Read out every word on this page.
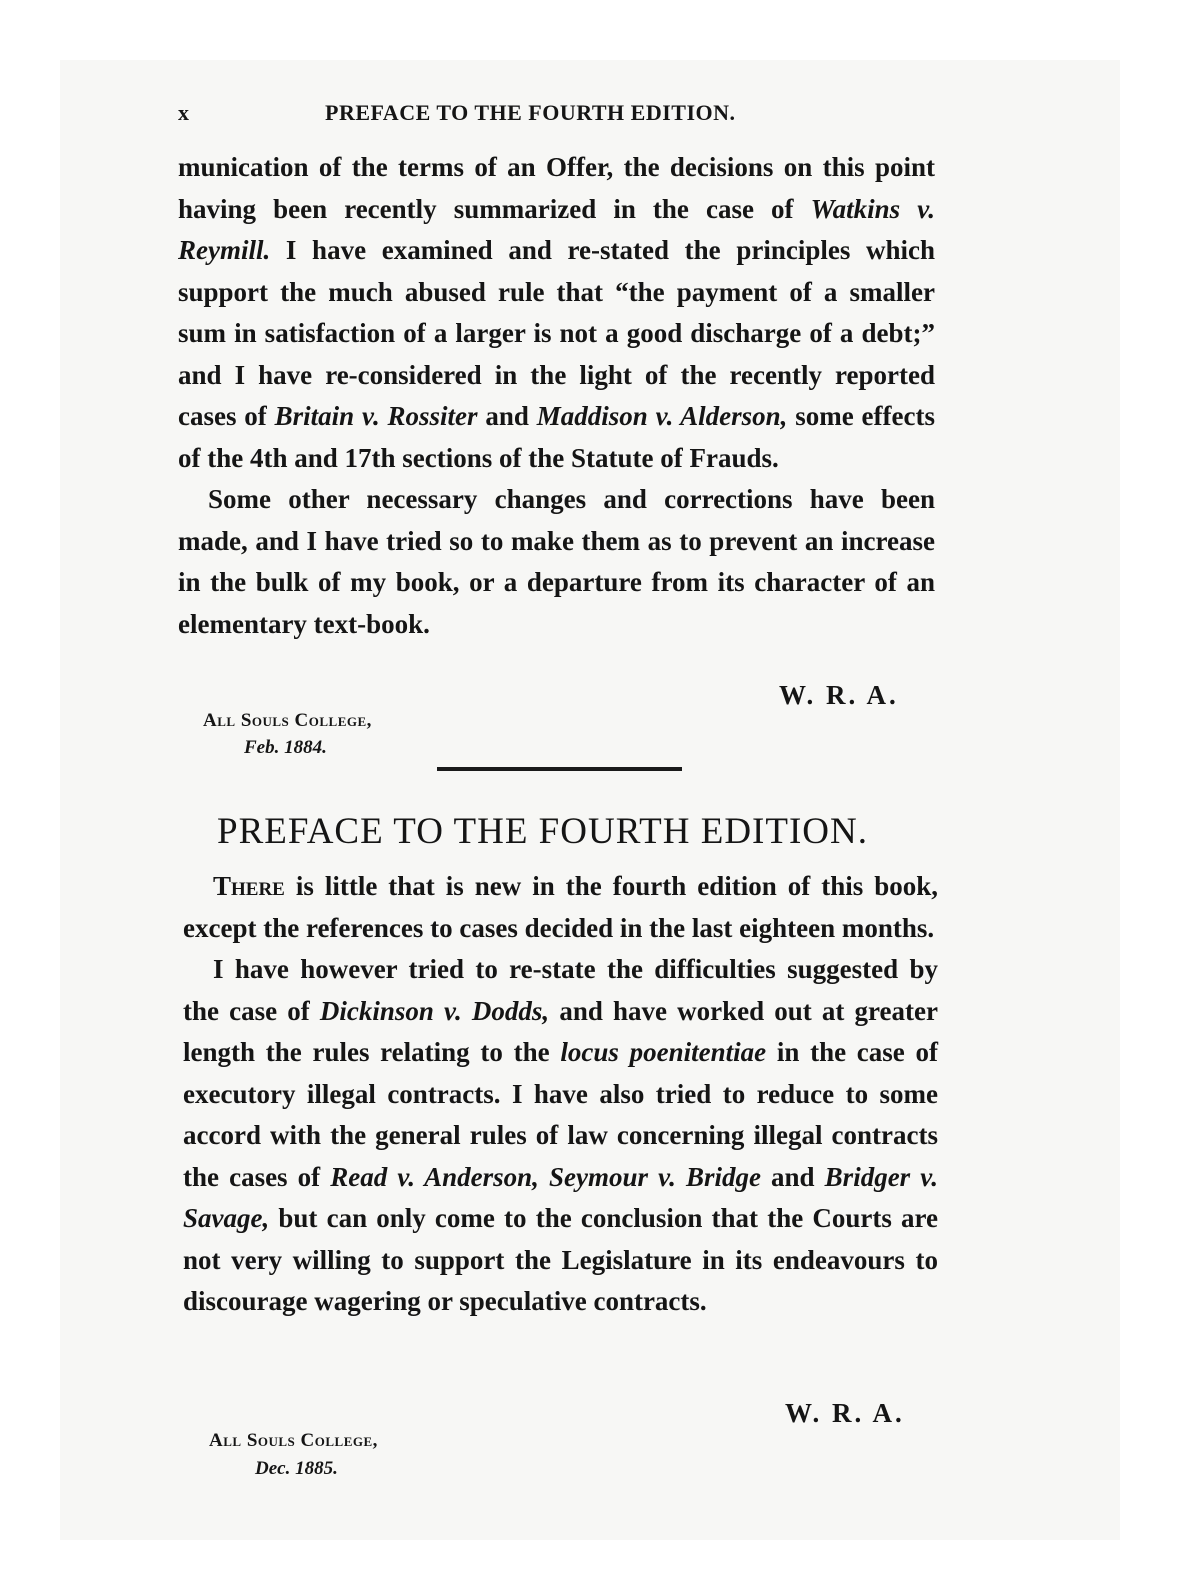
x	PREFACE TO THE FOURTH EDITION.

munication of the terms of an Offer, the decisions on this point having been recently summarized in the case of Watkins v. Reymill. I have examined and re-stated the principles which support the much abused rule that “the payment of a smaller sum in satisfaction of a larger is not a good discharge of a debt;” and I have re-considered in the light of the recently reported cases of Britain v. Rossiter and Maddison v. Alderson, some effects of the 4th and 17th sections of the Statute of Frauds.

Some other necessary changes and corrections have been made, and I have tried so to make them as to prevent an increase in the bulk of my book, or a departure from its character of an elementary text-book.

W. R. A.
All Souls College,
Feb. 1884.
PREFACE TO THE FOURTH EDITION.

There is little that is new in the fourth edition of this book, except the references to cases decided in the last eighteen months.

I have however tried to re-state the difficulties suggested by the case of Dickinson v. Dodds, and have worked out at greater length the rules relating to the locus poenitentiae in the case of executory illegal contracts. I have also tried to reduce to some accord with the general rules of law concerning illegal contracts the cases of Read v. Anderson, Seymour v. Bridge and Bridger v. Savage, but can only come to the conclusion that the Courts are not very willing to support the Legislature in its endeavours to discourage wagering or speculative contracts.

W. R. A.
All Souls College,
Dec. 1885.
